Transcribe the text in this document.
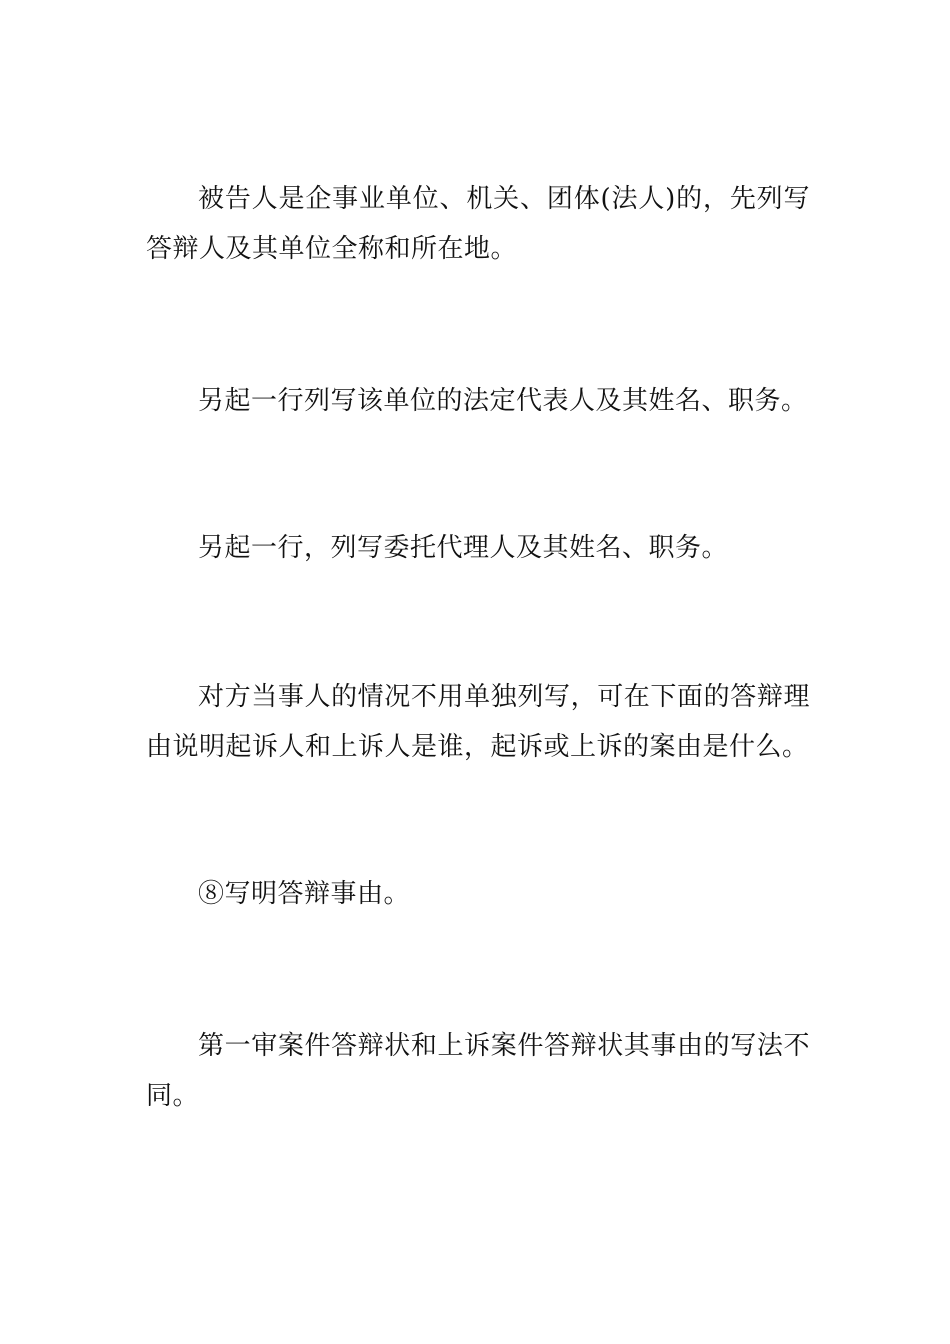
被告人是企事业单位、机关、团体(法人)的，先列写答辩人及其单位全称和所在地。

另起一行列写该单位的法定代表人及其姓名、职务。

另起一行，列写委托代理人及其姓名、职务。

对方当事人的情况不用单独列写，可在下面的答辩理由说明起诉人和上诉人是谁，起诉或上诉的案由是什么。

⑧写明答辩事由。

第一审案件答辩状和上诉案件答辩状其事由的写法不同。
